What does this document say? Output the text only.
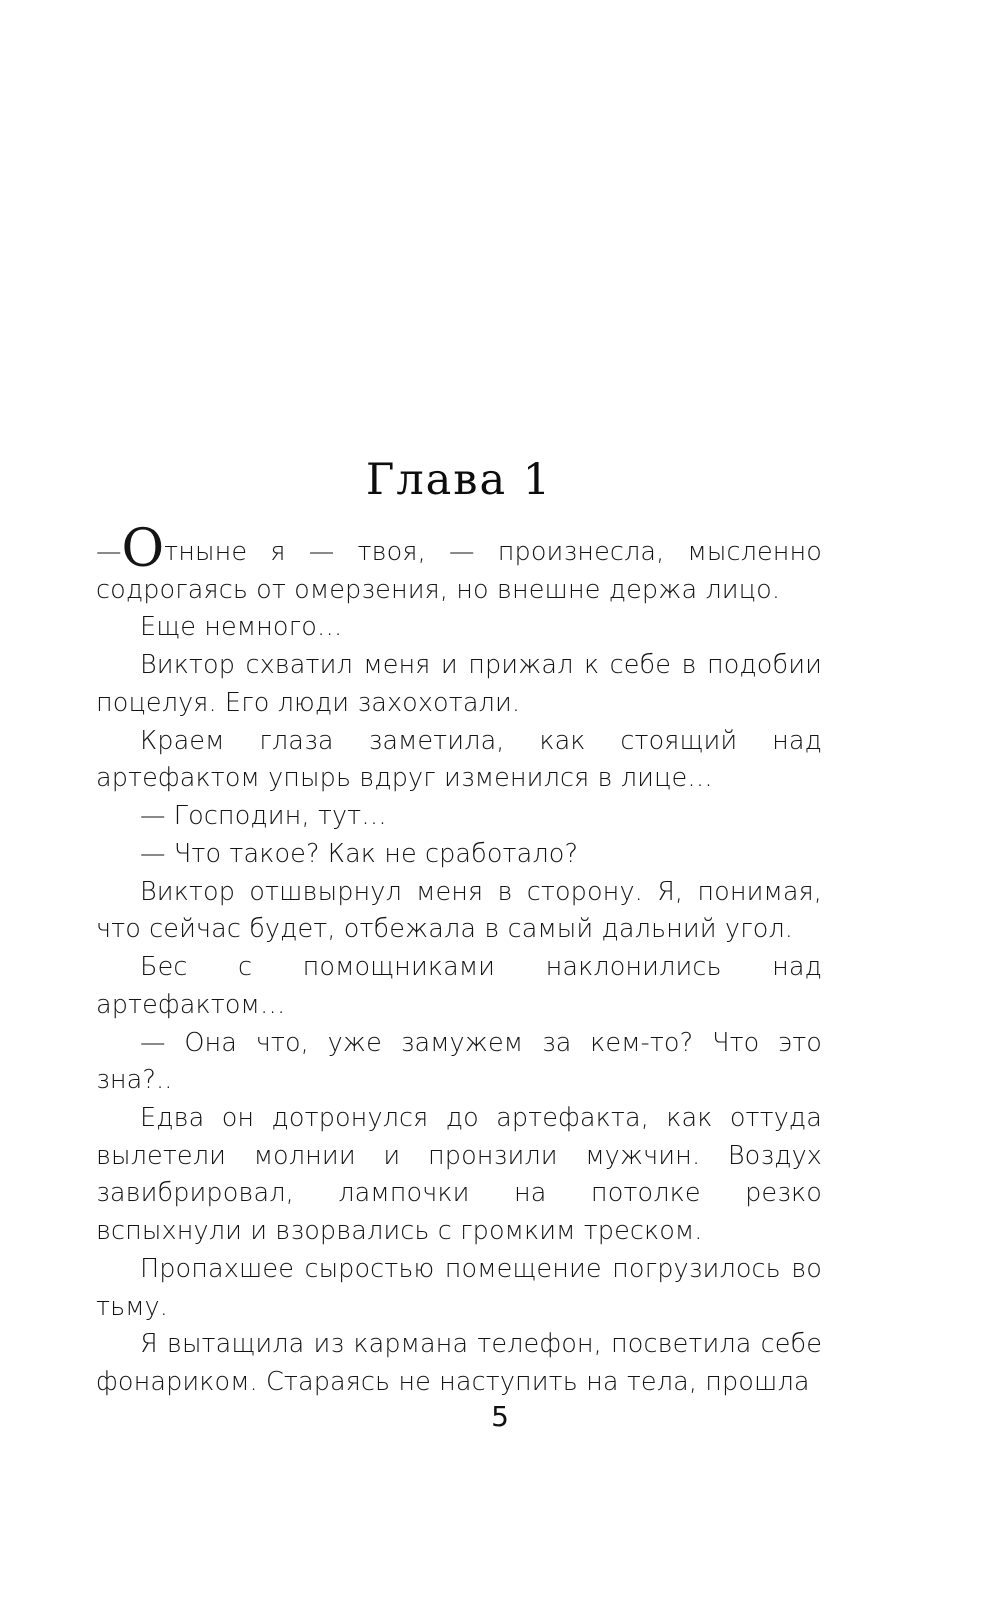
Глава 1

—Отныне я — твоя, — произнесла, мысленно содрогаясь от омерзения, но внешне держа лицо.

Еще немного…

Виктор схватил меня и прижал к себе в подобии поцелуя. Его люди захохотали.

Краем глаза заметила, как стоящий над артефактом упырь вдруг изменился в лице…

— Господин, тут…

— Что такое? Как не сработало?

Виктор отшвырнул меня в сторону. Я, понимая, что сейчас будет, отбежала в самый дальний угол.

Бес с помощниками наклонились над артефактом…

— Она что, уже замужем за кем-то? Что это зна?..

Едва он дотронулся до артефакта, как оттуда вылетели молнии и пронзили мужчин. Воздух завибрировал, лампочки на потолке резко вспыхнули и взорвались с громким треском.

Пропахшее сыростью помещение погрузилось во тьму.

Я вытащила из кармана телефон, посветила себе фонариком. Стараясь не наступить на тела, прошла

5
